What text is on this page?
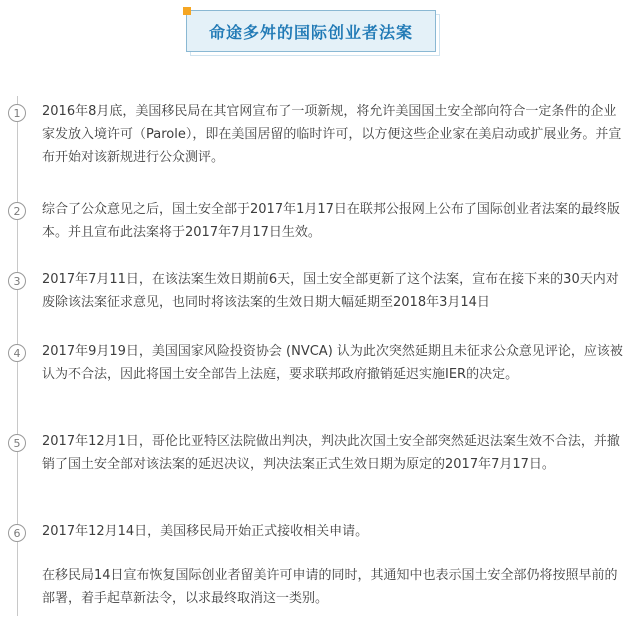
命途多舛的国际创业者法案
1	2016年8月底，美国移民局在其官网宣布了一项新规，将允许美国国土安全部向符合一定条件的企业家发放入境许可（Parole），即在美国居留的临时许可，以方便这些企业家在美启动或扩展业务。并宣布开始对该新规进行公众测评。

2	综合了公众意见之后，国土安全部于2017年1月17日在联邦公报网上公布了国际创业者法案的最终版本。并且宣布此法案将于2017年7月17日生效。

3	2017年7月11日，在该法案生效日期前6天，国土安全部更新了这个法案，宣布在接下来的30天内对废除该法案征求意见，也同时将该法案的生效日期大幅延期至2018年3月14日

4	2017年9月19日，美国国家风险投资协会 (NVCA) 认为此次突然延期且未征求公众意见评论，应该被认为不合法，因此将国土安全部告上法庭，要求联邦政府撤销延迟实施IER的决定。

5	2017年12月1日，哥伦比亚特区法院做出判决，判决此次国土安全部突然延迟法案生效不合法，并撤销了国土安全部对该法案的延迟决议，判决法案正式生效日期为原定的2017年7月17日。

6	2017年12月14日，美国移民局开始正式接收相关申请。

在移民局14日宣布恢复国际创业者留美许可申请的同时，其通知中也表示国土安全部仍将按照早前的部署，着手起草新法令，以求最终取消这一类别。
